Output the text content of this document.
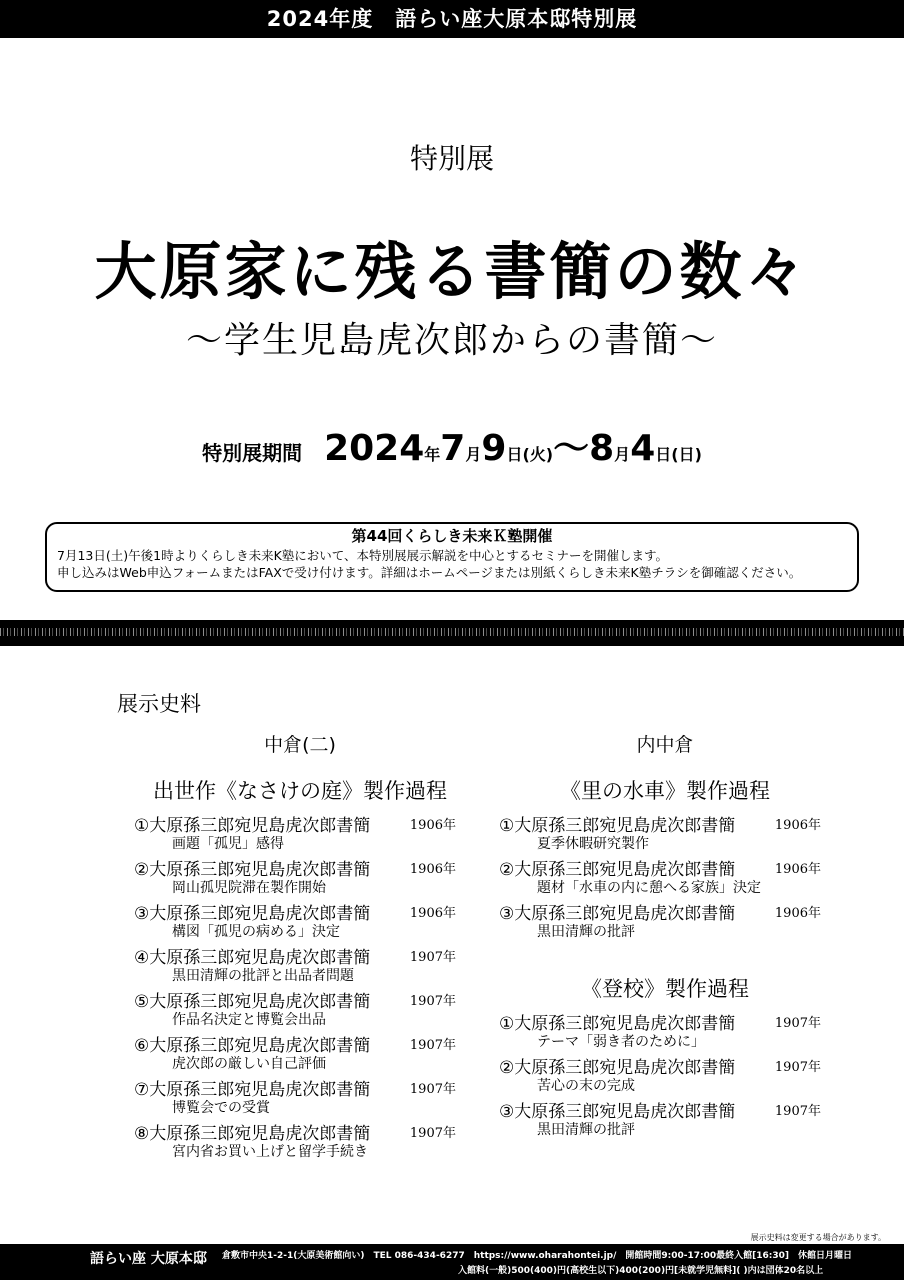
2024年度　語らい座大原本邸特別展
特別展
大原家に残る書簡の数々
～学生児島虎次郎からの書簡～
特別展期間 2024年7月9日(火)～8月4日(日)
第44回くらしき未来Ｋ塾開催
7月13日(土)午後1時よりくらしき未来K塾において、本特別展展示解説を中心とするセミナーを開催します。
申し込みはWeb申込フォームまたはFAXで受け付けます。詳細はホームページまたは別紙くらしき未来K塾チラシを御確認ください。
展示史料
中倉(二)
出世作《なさけの庭》製作過程
①大原孫三郎宛児島虎次郎書簡	1906年
画題「孤児」感得
②大原孫三郎宛児島虎次郎書簡	1906年
岡山孤児院滞在製作開始
③大原孫三郎宛児島虎次郎書簡	1906年
構図「孤児の病める」決定
④大原孫三郎宛児島虎次郎書簡	1907年
黒田清輝の批評と出品者問題
⑤大原孫三郎宛児島虎次郎書簡	1907年
作品名決定と博覧会出品
⑥大原孫三郎宛児島虎次郎書簡	1907年
虎次郎の厳しい自己評価
⑦大原孫三郎宛児島虎次郎書簡	1907年
博覧会での受賞
⑧大原孫三郎宛児島虎次郎書簡	1907年
宮内省お買い上げと留学手続き
内中倉
《里の水車》製作過程
①大原孫三郎宛児島虎次郎書簡	1906年
夏季休暇研究製作
②大原孫三郎宛児島虎次郎書簡	1906年
題材「水車の内に憩へる家族」決定
③大原孫三郎宛児島虎次郎書簡	1906年
黒田清輝の批評
《登校》製作過程
①大原孫三郎宛児島虎次郎書簡	1907年
テーマ「弱き者のために」
②大原孫三郎宛児島虎次郎書簡	1907年
苦心の末の完成
③大原孫三郎宛児島虎次郎書簡	1907年
黒田清輝の批評
展示史料は変更する場合があります。
語らい座 大原本邸 倉敷市中央1-2-1(大原美術館向い)　TEL 086-434-6277　https://www.oharahontei.jp/　開館時間9:00-17:00最終入館[16:30]　休館日月曜日
入館料(一般)500(400)円(高校生以下)400(200)円[未就学児無料]( )内は団体20名以上
